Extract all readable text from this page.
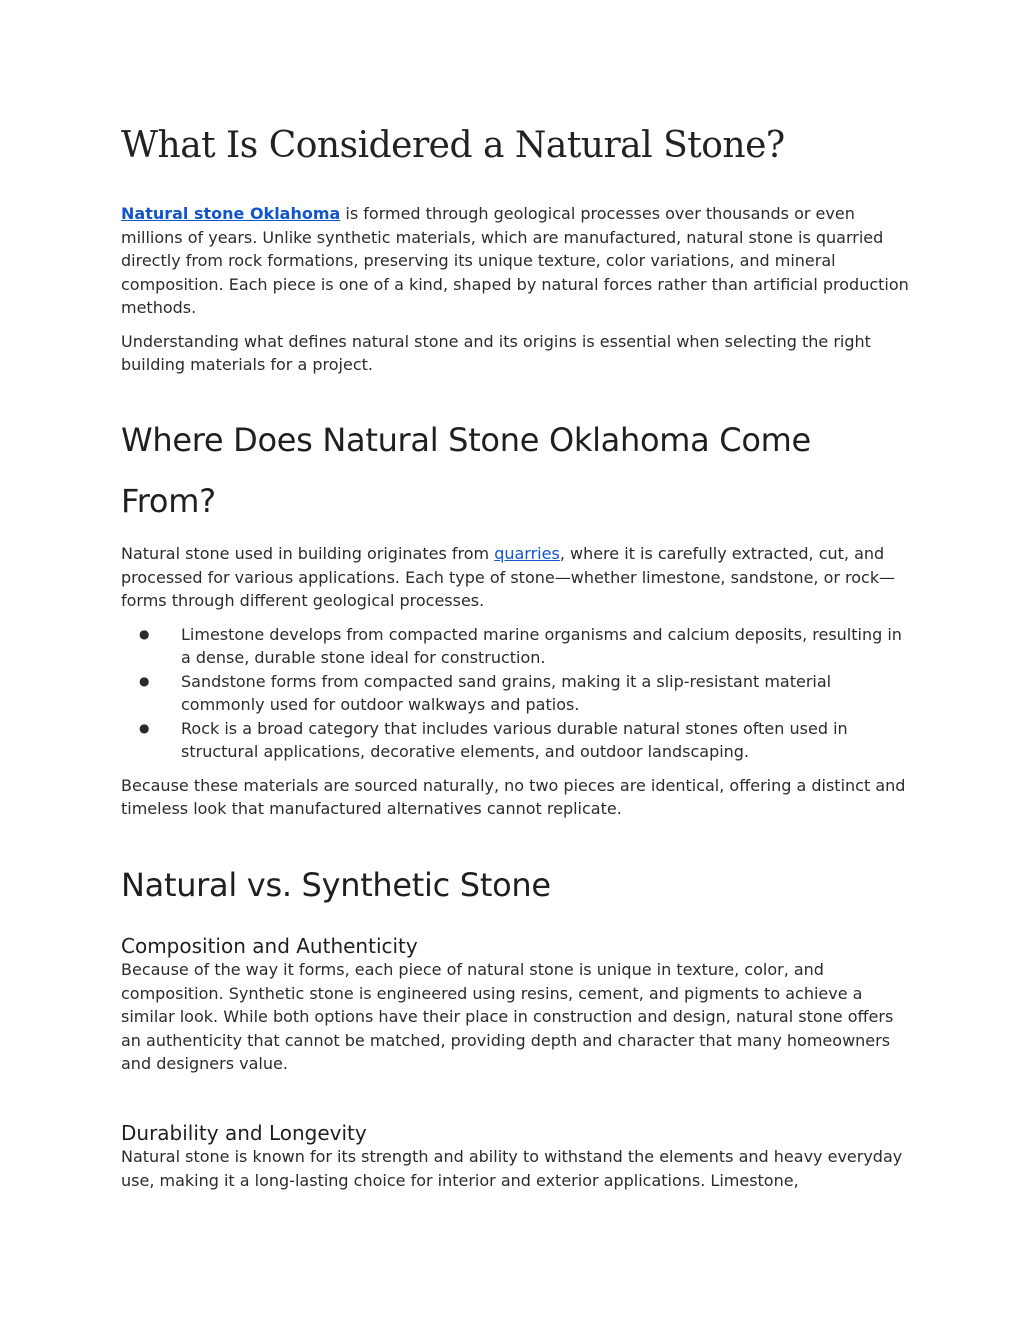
What Is Considered a Natural Stone?

Natural stone Oklahoma is formed through geological processes over thousands or even millions of years. Unlike synthetic materials, which are manufactured, natural stone is quarried directly from rock formations, preserving its unique texture, color variations, and mineral composition. Each piece is one of a kind, shaped by natural forces rather than artificial production methods.

Understanding what defines natural stone and its origins is essential when selecting the right building materials for a project.

Where Does Natural Stone Oklahoma Come From?

Natural stone used in building originates from quarries, where it is carefully extracted, cut, and processed for various applications. Each type of stone—whether limestone, sandstone, or rock—forms through different geological processes.

● Limestone develops from compacted marine organisms and calcium deposits, resulting in a dense, durable stone ideal for construction.
● Sandstone forms from compacted sand grains, making it a slip-resistant material commonly used for outdoor walkways and patios.
● Rock is a broad category that includes various durable natural stones often used in structural applications, decorative elements, and outdoor landscaping.

Because these materials are sourced naturally, no two pieces are identical, offering a distinct and timeless look that manufactured alternatives cannot replicate.

Natural vs. Synthetic Stone
Composition and Authenticity

Because of the way it forms, each piece of natural stone is unique in texture, color, and composition. Synthetic stone is engineered using resins, cement, and pigments to achieve a similar look. While both options have their place in construction and design, natural stone offers an authenticity that cannot be matched, providing depth and character that many homeowners and designers value.

Durability and Longevity

Natural stone is known for its strength and ability to withstand the elements and heavy everyday use, making it a long-lasting choice for interior and exterior applications. Limestone,
